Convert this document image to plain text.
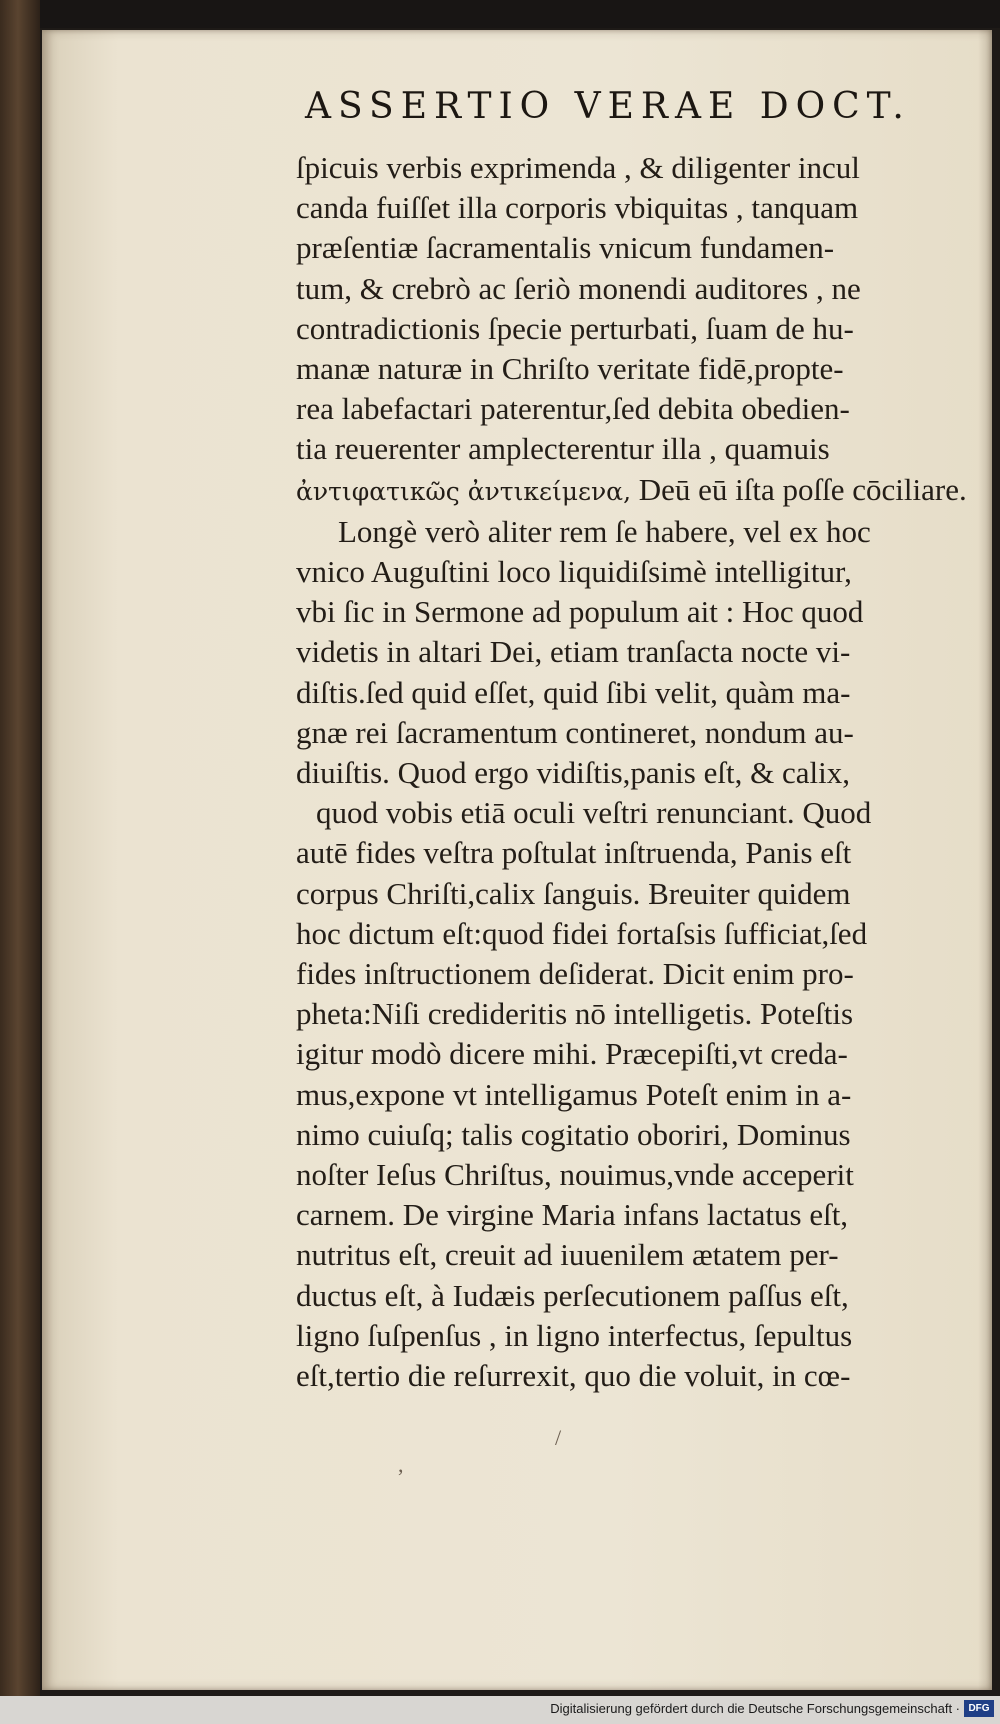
ASSERTIO VERAE DOCT.
ſpicuis verbis exprimenda , & diligenter incul
canda fuiſſet illa corporis vbiquitas , tanquam
præſentiæ ſacramentalis vnicum fundamen-
tum, & crebrò ac ſeriò monendi auditores , ne
contradictionis ſpecie perturbati, ſuam de hu-
manæ naturæ in Chriſto veritate fidē,propte-
rea labefactari paterentur,ſed debita obedien-
tia reuerenter amplecterentur illa , quamuis
ἀντιφατικῶς ἀντικείμενα, Deū eū iſta poſſe cōciliare.
Longè verò aliter rem ſe habere, vel ex hoc
vnico Auguſtini loco liquidiſsimè intelligitur,
vbi ſic in Sermone ad populum ait : Hoc quod
videtis in altari Dei, etiam tranſacta nocte vi-
diſtis.ſed quid eſſet, quid ſibi velit, quàm ma-
gnæ rei ſacramentum contineret, nondum au-
diuiſtis. Quod ergo vidiſtis,panis eſt, & calix,
quod vobis etiā oculi veſtri renunciant. Quod
autē fides veſtra poſtulat inſtruenda, Panis eſt
corpus Chriſti,calix ſanguis. Breuiter quidem
hoc dictum eſt:quod fidei fortaſsis ſufficiat,ſed
fides inſtructionem deſiderat. Dicit enim pro-
pheta:Niſi credideritis nō intelligetis. Poteſtis
igitur modò dicere mihi. Præcepiſti,vt creda-
mus,expone vt intelligamus Poteſt enim in a-
nimo cuiuſq; talis cogitatio oboriri, Dominus
noſter Ieſus Chriſtus, nouimus,vnde acceperit
carnem. De virgine Maria infans lactatus eſt,
nutritus eſt, creuit ad iuuenilem ætatem per-
ductus eſt, à Iudæis perſecutionem paſſus eſt,
ligno ſuſpenſus , in ligno interfectus, ſepultus
eſt,tertio die reſurrexit, quo die voluit, in cœ-
/
,
Digitalisierung gefördert durch die Deutsche Forschungsgemeinschaft · DFG
